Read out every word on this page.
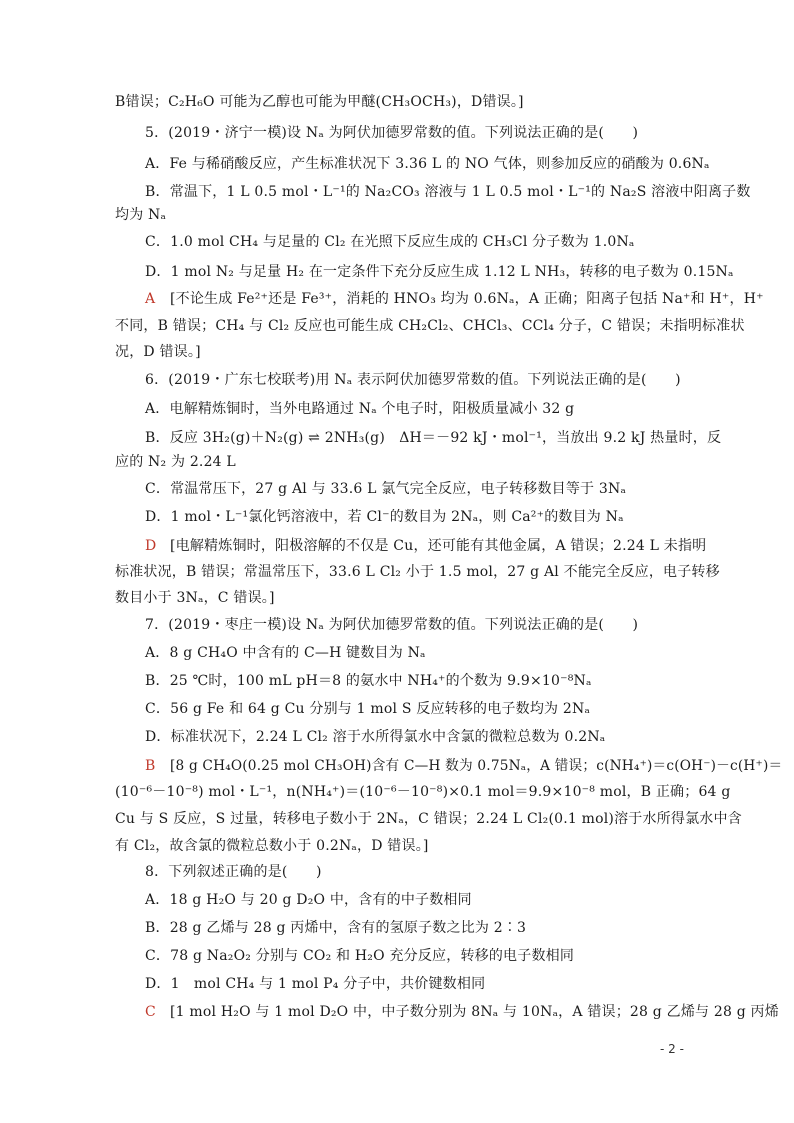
B错误；C₂H₆O 可能为乙醇也可能为甲醚(CH₃OCH₃)，D错误。]
5．(2019・济宁一模)设 Nₐ 为阿伏加德罗常数的值。下列说法正确的是(　　)
A．Fe 与稀硝酸反应，产生标准状况下 3.36 L 的 NO 气体，则参加反应的硝酸为 0.6Nₐ
B．常温下，1 L 0.5 mol・L⁻¹的 Na₂CO₃ 溶液与 1 L 0.5 mol・L⁻¹的 Na₂S 溶液中阳离子数
均为 Nₐ
C．1.0 mol CH₄ 与足量的 Cl₂ 在光照下反应生成的 CH₃Cl 分子数为 1.0Nₐ
D．1 mol N₂ 与足量 H₂ 在一定条件下充分反应生成 1.12 L NH₃，转移的电子数为 0.15Nₐ
A [不论生成 Fe²⁺还是 Fe³⁺，消耗的 HNO₃ 均为 0.6Nₐ，A 正确；阳离子包括 Na⁺和 H⁺，H⁺
不同，B 错误；CH₄ 与 Cl₂ 反应也可能生成 CH₂Cl₂、CHCl₃、CCl₄ 分子，C 错误；未指明标准状
况，D 错误。]
6．(2019・广东七校联考)用 Nₐ 表示阿伏加德罗常数的值。下列说法正确的是(　　)
A．电解精炼铜时，当外电路通过 Nₐ 个电子时，阳极质量减小 32 g
B．反应 3H₂(g)＋N₂(g) ⇌ 2NH₃(g)　ΔH＝－92 kJ・mol⁻¹，当放出 9.2 kJ 热量时，反
应的 N₂ 为 2.24 L
C．常温常压下，27 g Al 与 33.6 L 氯气完全反应，电子转移数目等于 3Nₐ
D．1 mol・L⁻¹氯化钙溶液中，若 Cl⁻的数目为 2Nₐ，则 Ca²⁺的数目为 Nₐ
D [电解精炼铜时，阳极溶解的不仅是 Cu，还可能有其他金属，A 错误；2.24 L 未指明
标准状况，B 错误；常温常压下，33.6 L Cl₂ 小于 1.5 mol，27 g Al 不能完全反应，电子转移
数目小于 3Nₐ，C 错误。]
7．(2019・枣庄一模)设 Nₐ 为阿伏加德罗常数的值。下列说法正确的是(　　)
A．8 g CH₄O 中含有的 C—H 键数目为 Nₐ
B．25 ℃时，100 mL pH＝8 的氨水中 NH₄⁺的个数为 9.9×10⁻⁸Nₐ
C．56 g Fe 和 64 g Cu 分别与 1 mol S 反应转移的电子数均为 2Nₐ
D．标准状况下，2.24 L Cl₂ 溶于水所得氯水中含氯的微粒总数为 0.2Nₐ
B [8 g CH₄O(0.25 mol CH₃OH)含有 C—H 数为 0.75Nₐ，A 错误；c(NH₄⁺)＝c(OH⁻)－c(H⁺)＝
(10⁻⁶－10⁻⁸) mol・L⁻¹，n(NH₄⁺)＝(10⁻⁶－10⁻⁸)×0.1 mol＝9.9×10⁻⁸ mol，B 正确；64 g
Cu 与 S 反应，S 过量，转移电子数小于 2Nₐ，C 错误；2.24 L Cl₂(0.1 mol)溶于水所得氯水中含
有 Cl₂，故含氯的微粒总数小于 0.2Nₐ，D 错误。]
8．下列叙述正确的是(　　)
A．18 g H₂O 与 20 g D₂O 中，含有的中子数相同
B．28 g 乙烯与 28 g 丙烯中，含有的氢原子数之比为 2∶3
C．78 g Na₂O₂ 分别与 CO₂ 和 H₂O 充分反应，转移的电子数相同
D．1　mol CH₄ 与 1 mol P₄ 分子中，共价键数相同
C [1 mol H₂O 与 1 mol D₂O 中，中子数分别为 8Nₐ 与 10Nₐ，A 错误；28 g 乙烯与 28 g 丙烯
- 2 -
